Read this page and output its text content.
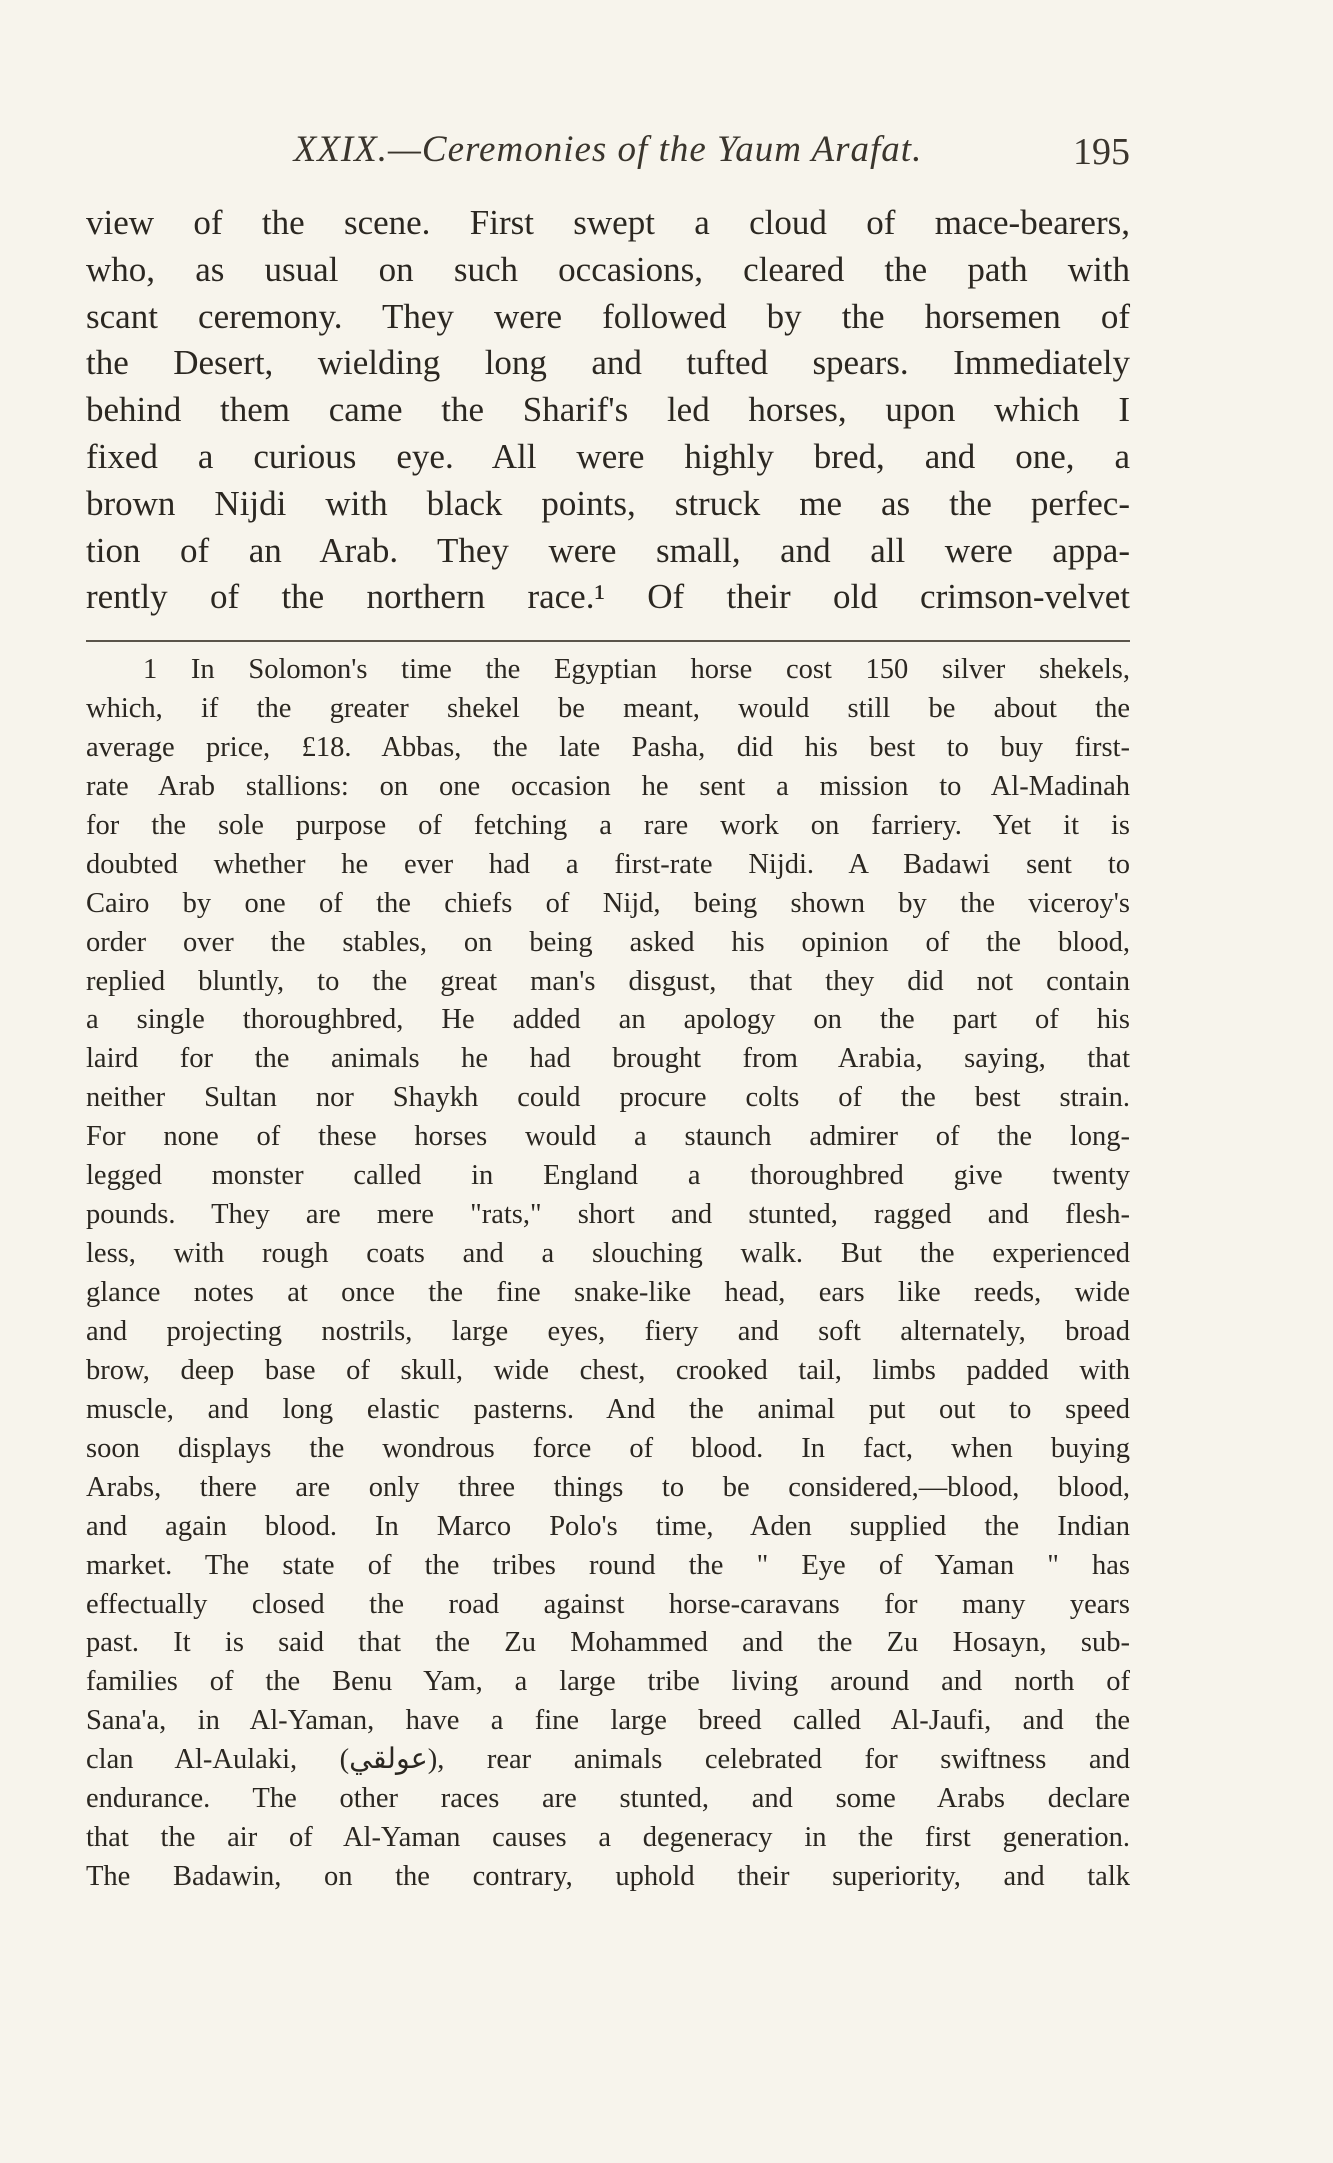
XXIX.—Ceremonies of the Yaum Arafat.	195
view of the scene. First swept a cloud of mace-bearers,
who, as usual on such occasions, cleared the path with
scant ceremony. They were followed by the horsemen of
the Desert, wielding long and tufted spears. Immediately
behind them came the Sharif's led horses, upon which I
fixed a curious eye. All were highly bred, and one, a
brown Nijdi with black points, struck me as the perfec-
tion of an Arab. They were small, and all were appa-
rently of the northern race.¹ Of their old crimson-velvet
1 In Solomon's time the Egyptian horse cost 150 silver shekels,
which, if the greater shekel be meant, would still be about the
average price, £18. Abbas, the late Pasha, did his best to buy first-
rate Arab stallions: on one occasion he sent a mission to Al-Madinah
for the sole purpose of fetching a rare work on farriery. Yet it is
doubted whether he ever had a first-rate Nijdi. A Badawi sent to
Cairo by one of the chiefs of Nijd, being shown by the viceroy's
order over the stables, on being asked his opinion of the blood,
replied bluntly, to the great man's disgust, that they did not contain
a single thoroughbred, He added an apology on the part of his
laird for the animals he had brought from Arabia, saying, that
neither Sultan nor Shaykh could procure colts of the best strain.
For none of these horses would a staunch admirer of the long-
legged monster called in England a thoroughbred give twenty
pounds. They are mere "rats," short and stunted, ragged and flesh-
less, with rough coats and a slouching walk. But the experienced
glance notes at once the fine snake-like head, ears like reeds, wide
and projecting nostrils, large eyes, fiery and soft alternately, broad
brow, deep base of skull, wide chest, crooked tail, limbs padded with
muscle, and long elastic pasterns. And the animal put out to speed
soon displays the wondrous force of blood. In fact, when buying
Arabs, there are only three things to be considered,—blood, blood,
and again blood. In Marco Polo's time, Aden supplied the Indian
market. The state of the tribes round the " Eye of Yaman " has
effectually closed the road against horse-caravans for many years
past. It is said that the Zu Mohammed and the Zu Hosayn, sub-
families of the Benu Yam, a large tribe living around and north of
Sana'a, in Al-Yaman, have a fine large breed called Al-Jaufi, and the
clan Al-Aulaki, (عولقي), rear animals celebrated for swiftness and
endurance. The other races are stunted, and some Arabs declare
that the air of Al-Yaman causes a degeneracy in the first generation.
The Badawin, on the contrary, uphold their superiority, and talk
